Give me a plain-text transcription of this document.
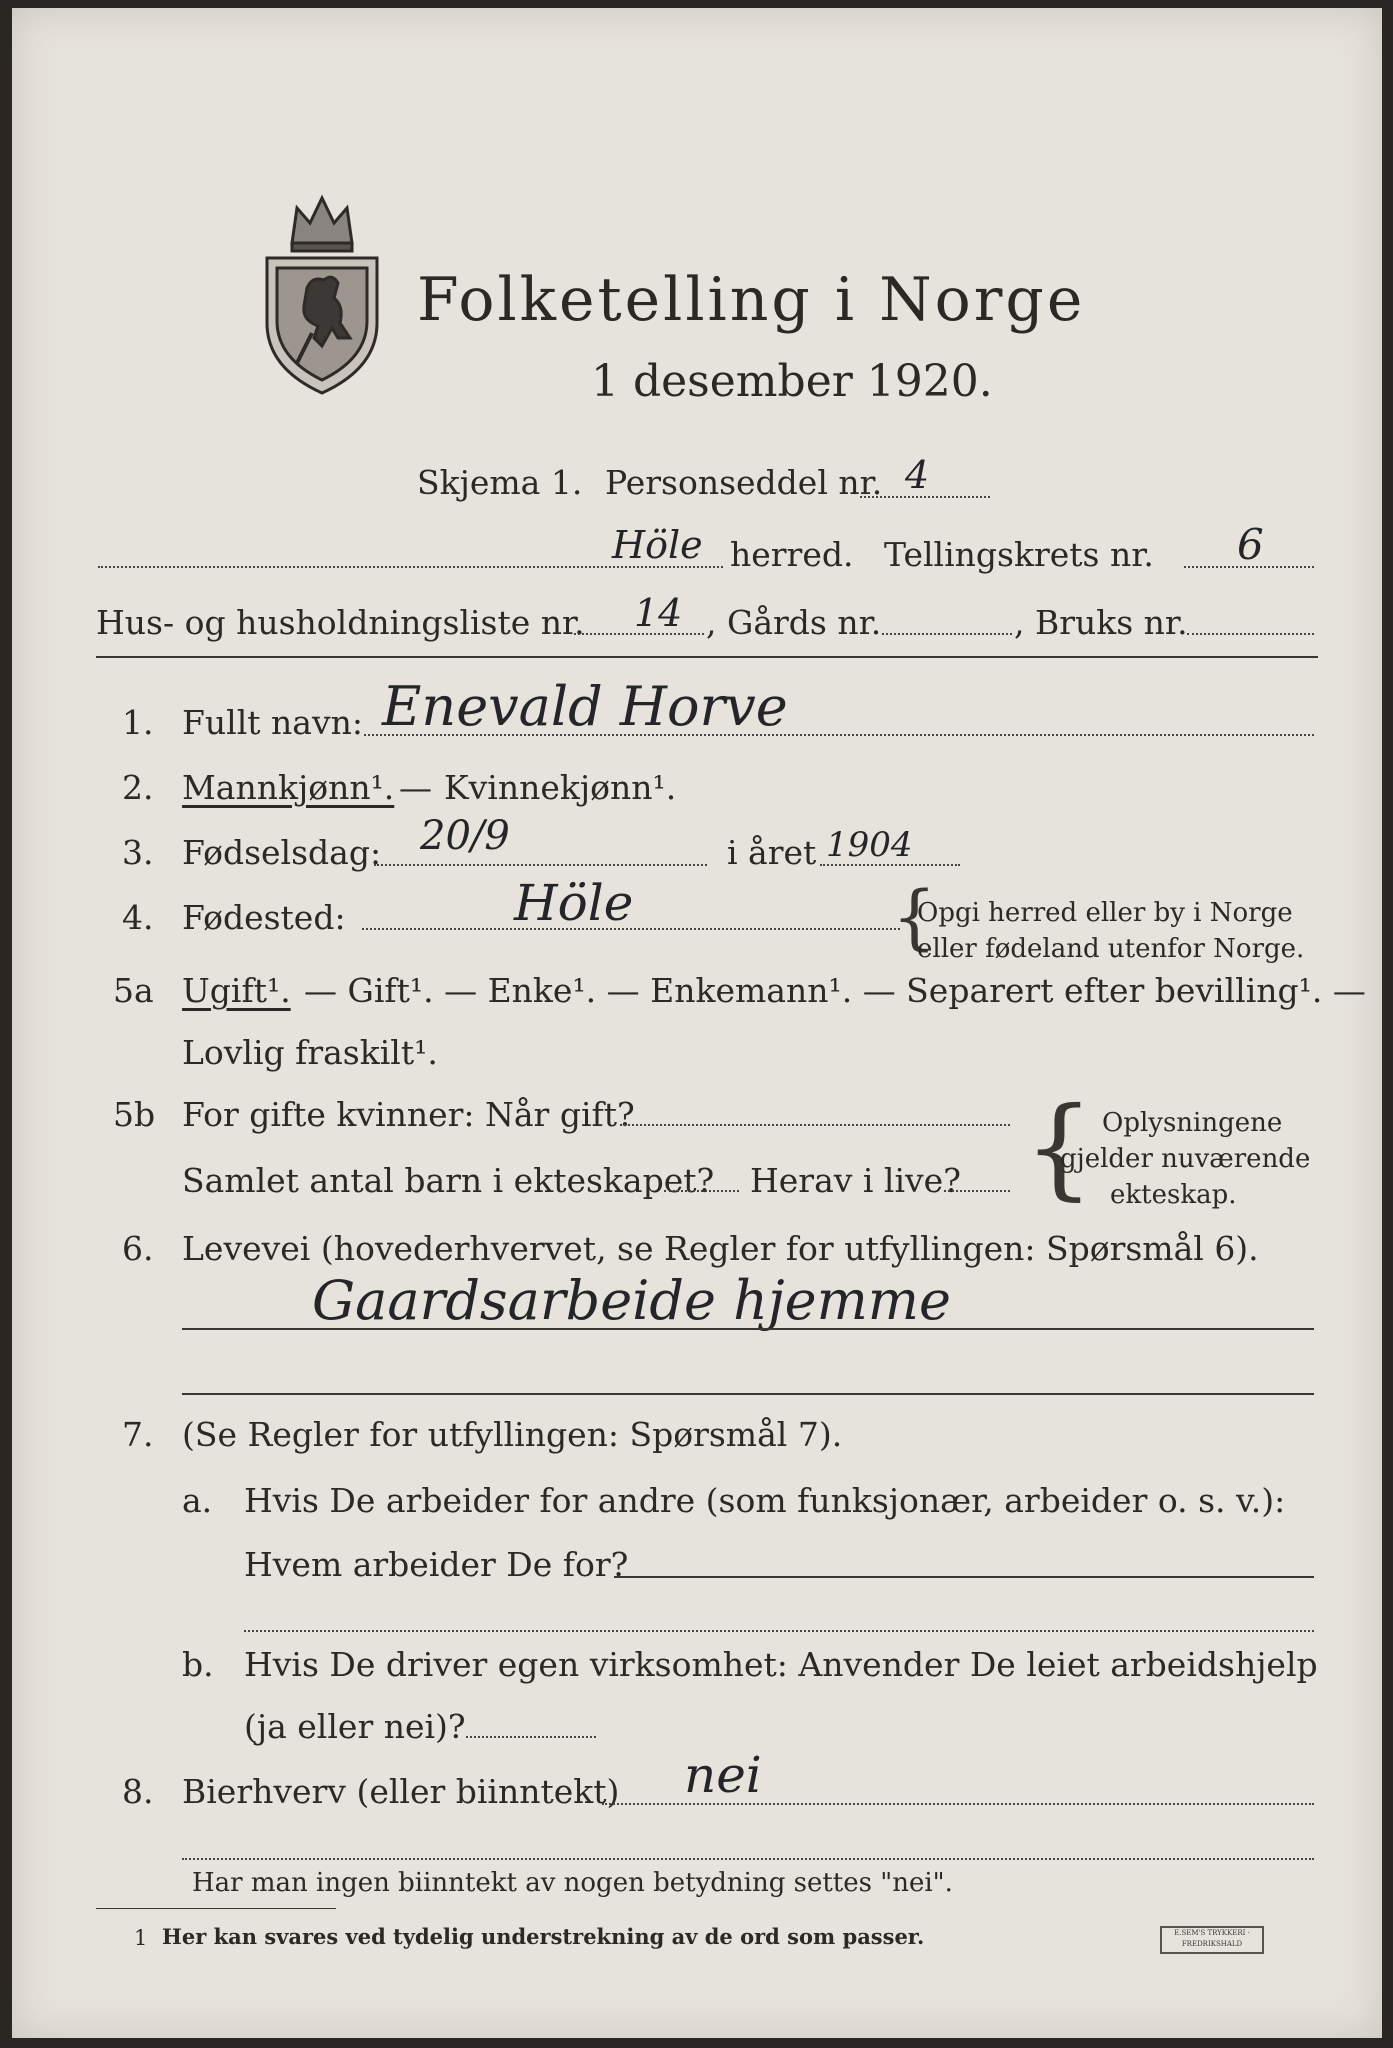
Folketelling i Norge
1 desember 1920.
Skjema 1. Personseddel nr. 4
Höle herred. Tellingskrets nr. 6
Hus- og husholdningsliste nr. 14 , Gårds nr.	, Bruks nr.
1. Fullt navn: Enevald Horve
2. Mannkjønn¹. — Kvinnekjønn¹.
3. Fødselsdag: 20/9	i året 1904
4. Fødested:	Höle	{
Opgi herred eller by i Norge
eller fødeland utenfor Norge.
5a Ugift¹. — Gift¹. — Enke¹. — Enkemann¹. — Separert efter bevilling¹. —
Lovlig fraskilt¹.
5b For gifte kvinner: Når gift?
Samlet antal barn i ekteskapet? Herav i live? { Oplysningene
gjelder nuværende
ekteskap.
6. Levevei (hovederhvervet, se Regler for utfyllingen: Spørsmål 6).
Gaardsarbeide hjemme
7. (Se Regler for utfyllingen: Spørsmål 7).
a. Hvis De arbeider for andre (som funksjonær, arbeider o. s. v.):
Hvem arbeider De for?
b. Hvis De driver egen virksomhet: Anvender De leiet arbeidshjelp
(ja eller nei)?
8. Bierhverv (eller biinntekt) nei
Har man ingen biinntekt av nogen betydning settes "nei".
1 Her kan svares ved tydelig understrekning av de ord som passer.	E.SEM'S TRYKKERI · FREDRIKSHALD
